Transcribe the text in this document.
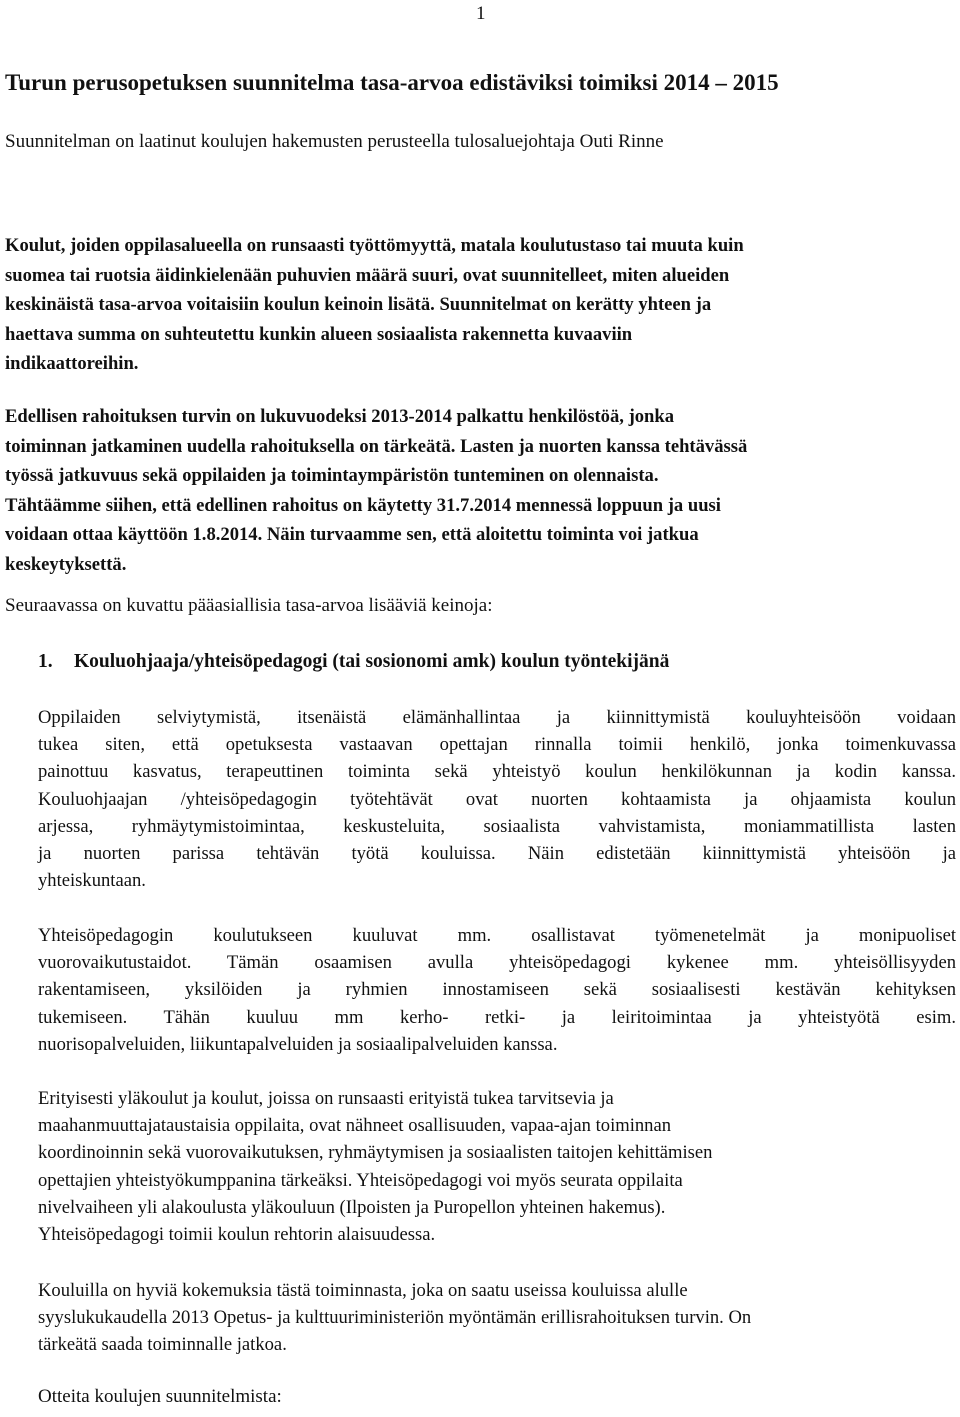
1
Turun perusopetuksen suunnitelma tasa-arvoa edistäviksi toimiksi 2014 – 2015
Suunnitelman on laatinut koulujen hakemusten perusteella tulosaluejohtaja Outi Rinne
Koulut, joiden oppilasalueella on runsaasti työttömyyttä, matala koulutustaso tai muuta kuin
suomea tai ruotsia äidinkielenään puhuvien määrä suuri, ovat suunnitelleet, miten alueiden
keskinäistä tasa-arvoa voitaisiin koulun keinoin lisätä. Suunnitelmat on kerätty yhteen ja
haettava summa on suhteutettu kunkin alueen sosiaalista rakennetta kuvaaviin
indikaattoreihin.
Edellisen rahoituksen turvin on lukuvuodeksi 2013-2014 palkattu henkilöstöä, jonka
toiminnan jatkaminen uudella rahoituksella on tärkeätä. Lasten ja nuorten kanssa tehtävässä
työssä jatkuvuus sekä oppilaiden ja toimintaympäristön tunteminen on olennaista.
Tähtäämme siihen, että edellinen rahoitus on käytetty 31.7.2014 mennessä loppuun ja uusi
voidaan ottaa käyttöön 1.8.2014. Näin turvaamme sen, että aloitettu toiminta voi jatkua
keskeytyksettä.
Seuraavassa on kuvattu pääasiallisia tasa-arvoa lisääviä keinoja:
1. Kouluohjaaja/yhteisöpedagogi (tai sosionomi amk) koulun työntekijänä
Oppilaiden selviytymistä, itsenäistä elämänhallintaa ja kiinnittymistä kouluyhteisöön voidaan
tukea siten, että opetuksesta vastaavan opettajan rinnalla toimii henkilö, jonka toimenkuvassa
painottuu kasvatus, terapeuttinen toiminta sekä yhteistyö koulun henkilökunnan ja kodin kanssa.
Kouluohjaajan /yhteisöpedagogin työtehtävät ovat nuorten kohtaamista ja ohjaamista koulun
arjessa, ryhmäytymistoimintaa, keskusteluita, sosiaalista vahvistamista, moniammatillista lasten
ja nuorten parissa tehtävän työtä kouluissa. Näin edistetään kiinnittymistä yhteisöön ja
yhteiskuntaan.
Yhteisöpedagogin koulutukseen kuuluvat mm. osallistavat työmenetelmät ja monipuoliset
vuorovaikutustaidot. Tämän osaamisen avulla yhteisöpedagogi kykenee mm. yhteisöllisyyden
rakentamiseen, yksilöiden ja ryhmien innostamiseen sekä sosiaalisesti kestävän kehityksen
tukemiseen. Tähän kuuluu mm kerho- retki- ja leiritoimintaa ja yhteistyötä esim.
nuorisopalveluiden, liikuntapalveluiden ja sosiaalipalveluiden kanssa.
Erityisesti yläkoulut ja koulut, joissa on runsaasti erityistä tukea tarvitsevia ja
maahanmuuttajataustaisia oppilaita, ovat nähneet osallisuuden, vapaa-ajan toiminnan
koordinoinnin sekä vuorovaikutuksen, ryhmäytymisen ja sosiaalisten taitojen kehittämisen
opettajien yhteistyökumppanina tärkeäksi. Yhteisöpedagogi voi myös seurata oppilaita
nivelvaiheen yli alakoulusta yläkouluun (Ilpoisten ja Puropellon yhteinen hakemus).
Yhteisöpedagogi toimii koulun rehtorin alaisuudessa.
Kouluilla on hyviä kokemuksia tästä toiminnasta, joka on saatu useissa kouluissa alulle
syyslukukaudella 2013 Opetus- ja kulttuuriministeriön myöntämän erillisrahoituksen turvin. On
tärkeätä saada toiminnalle jatkoa.
Otteita koulujen suunnitelmista:
